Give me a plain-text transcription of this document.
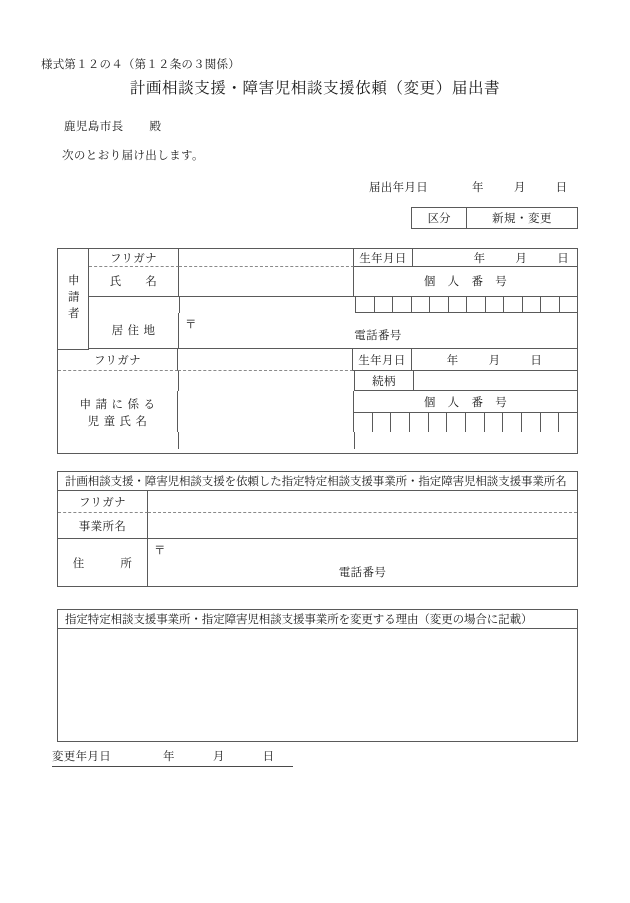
様式第１２の４（第１２条の３関係）
計画相談支援・障害児相談支援依頼（変更）届出書
鹿児島市長 殿
次のとおり届け出します。
届出年月日	年	月	日
区分	新規・変更
申請者
フリガナ	生年月日	年	月	日
氏　　名	個　人　番　号
居 住 地	〒
電話番号
フリガナ	生年月日	年	月	日
続柄
申 請 に 係 る	個　人　番　号
児 童 氏 名
計画相談支援・障害児相談支援を依頼した指定特定相談支援事業所・指定障害児相談支援事業所名
フリガナ
事業所名
住　　　所
〒
電話番号
指定特定相談支援事業所・指定障害児相談支援事業所を変更する理由（変更の場合に記載）
変更年月日	年	月	日
